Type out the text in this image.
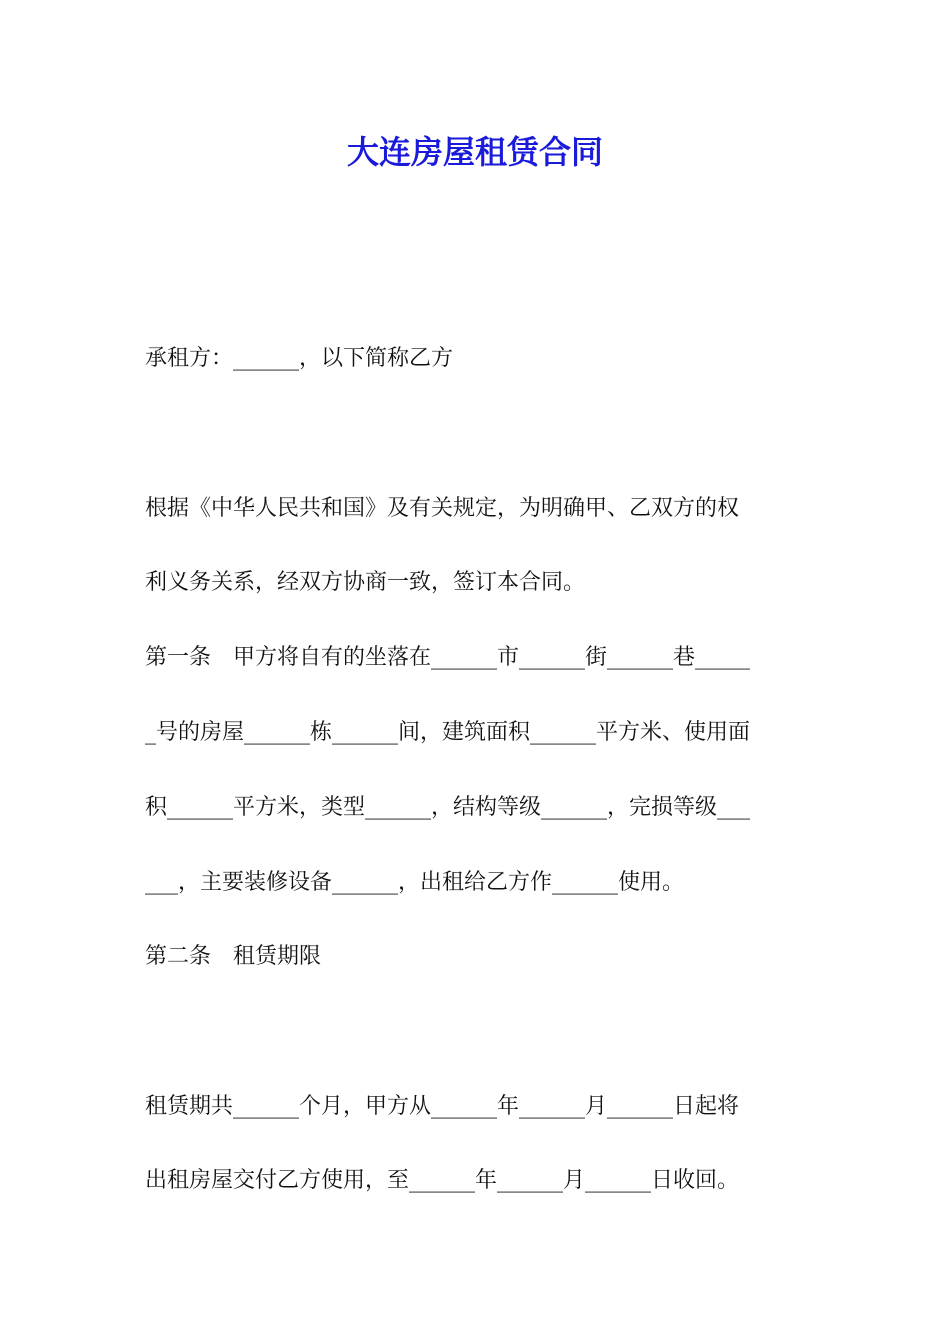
大连房屋租赁合同

承租方：______，以下简称乙方

根据《中华人民共和国》及有关规定，为明确甲、乙双方的权

利义务关系，经双方协商一致，签订本合同。

第一条　甲方将自有的坐落在______市______街______巷_____

_号的房屋______栋______间，建筑面积______平方米、使用面

积______平方米，类型______，结构等级______，完损等级___

___，主要装修设备______，出租给乙方作______使用。

第二条　租赁期限

租赁期共______个月，甲方从______年______月______日起将

出租房屋交付乙方使用，至______年______月______日收回。
